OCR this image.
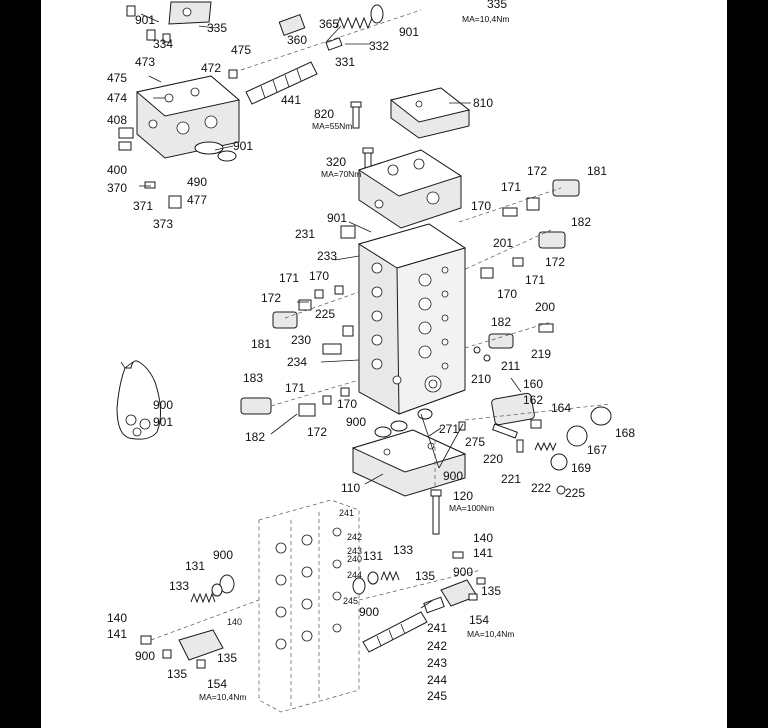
901
334
335
335
MA=10,4Nm
360
365
332
901
331
475
473	472
475
474	441
408
400
901
370	490
477
371
373
810
820
MA=55Nm
320
MA=70Nm	172	181
171
170
182
901
231
201
233	172
171 170	171
172	170
200
225
182
230
181
219
234	211
183	210	160
171
162
170
900	164
901	900	271
172	168
182	275
167
220
169
900	221
110	222 225
120
MA=100Nm
241
242
243
240
244
245
140
900
131
133
131 133
140
141
900
135
135
900
154
MA=10,4Nm
241
242
243
244
245
140
141
900	135
135
154
MA=10,4Nm
